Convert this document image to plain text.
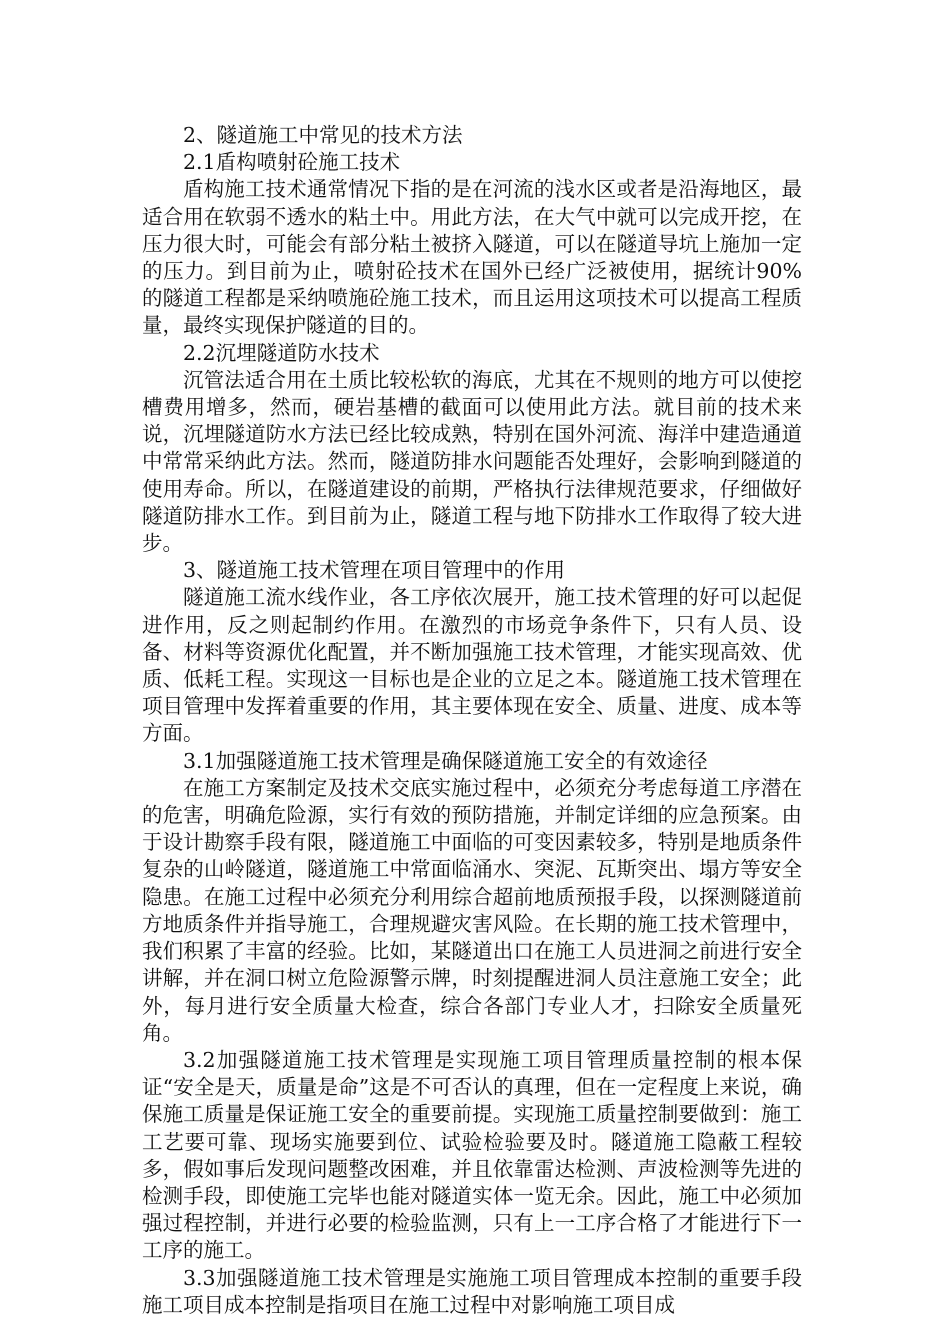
2、隧道施工中常见的技术方法

2.1盾构喷射砼施工技术

盾构施工技术通常情况下指的是在河流的浅水区或者是沿海地区，最适合用在软弱不透水的粘土中。用此方法，在大气中就可以完成开挖，在压力很大时，可能会有部分粘土被挤入隧道，可以在隧道导坑上施加一定的压力。到目前为止，喷射砼技术在国外已经广泛被使用，据统计90%的隧道工程都是采纳喷施砼施工技术，而且运用这项技术可以提高工程质量，最终实现保护隧道的目的。

2.2沉埋隧道防水技术

沉管法适合用在土质比较松软的海底，尤其在不规则的地方可以使挖槽费用增多，然而，硬岩基槽的截面可以使用此方法。就目前的技术来说，沉埋隧道防水方法已经比较成熟，特别在国外河流、海洋中建造通道中常常采纳此方法。然而，隧道防排水问题能否处理好，会影响到隧道的使用寿命。所以，在隧道建设的前期，严格执行法律规范要求，仔细做好隧道防排水工作。到目前为止，隧道工程与地下防排水工作取得了较大进步。

3、隧道施工技术管理在项目管理中的作用

隧道施工流水线作业，各工序依次展开，施工技术管理的好可以起促进作用，反之则起制约作用。在激烈的市场竞争条件下，只有人员、设备、材料等资源优化配置，并不断加强施工技术管理，才能实现高效、优质、低耗工程。实现这一目标也是企业的立足之本。隧道施工技术管理在项目管理中发挥着重要的作用，其主要体现在安全、质量、进度、成本等方面。

3.1加强隧道施工技术管理是确保隧道施工安全的有效途径

在施工方案制定及技术交底实施过程中，必须充分考虑每道工序潜在的危害，明确危险源，实行有效的预防措施，并制定详细的应急预案。由于设计勘察手段有限，隧道施工中面临的可变因素较多，特别是地质条件复杂的山岭隧道，隧道施工中常面临涌水、突泥、瓦斯突出、塌方等安全隐患。在施工过程中必须充分利用综合超前地质预报手段，以探测隧道前方地质条件并指导施工，合理规避灾害风险。在长期的施工技术管理中，我们积累了丰富的经验。比如，某隧道出口在施工人员进洞之前进行安全讲解，并在洞口树立危险源警示牌，时刻提醒进洞人员注意施工安全；此外，每月进行安全质量大检查，综合各部门专业人才，扫除安全质量死角。

3.2加强隧道施工技术管理是实现施工项目管理质量控制的根本保证“安全是天，质量是命”这是不可否认的真理，但在一定程度上来说，确保施工质量是保证施工安全的重要前提。实现施工质量控制要做到：施工工艺要可靠、现场实施要到位、试验检验要及时。隧道施工隐蔽工程较多，假如事后发现问题整改困难，并且依靠雷达检测、声波检测等先进的检测手段，即使施工完毕也能对隧道实体一览无余。因此，施工中必须加强过程控制，并进行必要的检验监测，只有上一工序合格了才能进行下一工序的施工。

3.3加强隧道施工技术管理是实施施工项目管理成本控制的重要手段施工项目成本控制是指项目在施工过程中对影响施工项目成
